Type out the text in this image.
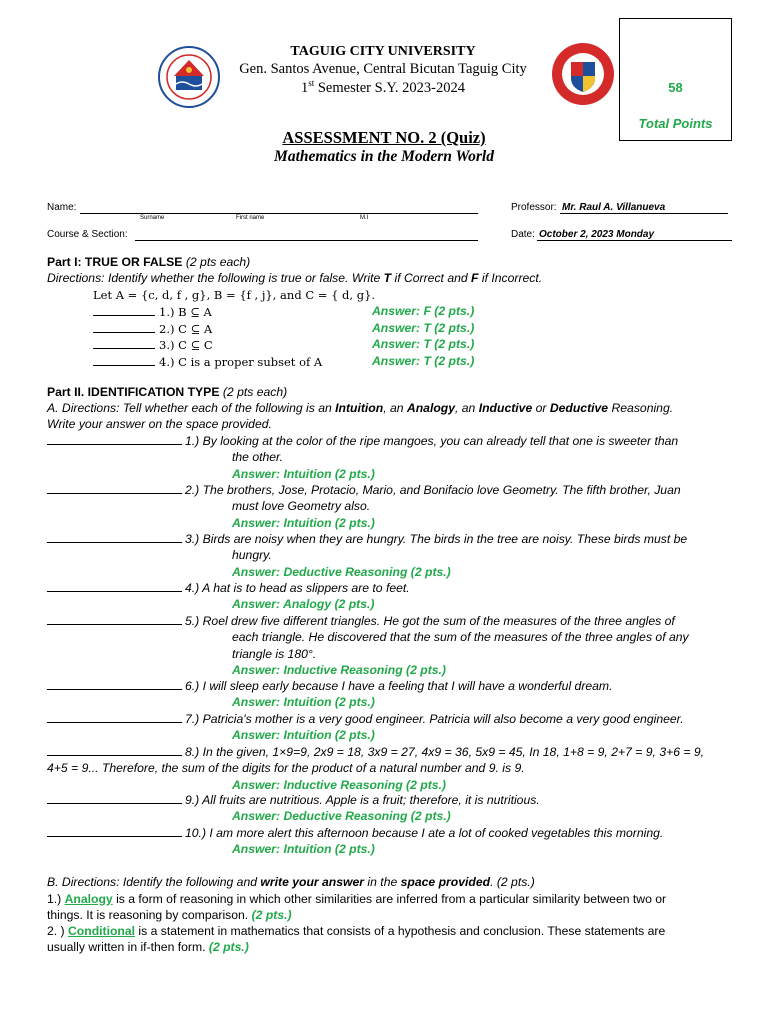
TAGUIG CITY UNIVERSITY
Gen. Santos Avenue, Central Bicutan Taguig City
1st Semester S.Y. 2023-2024	58
Total Points
ASSESSMENT NO. 2 (Quiz)
Mathematics in the Modern World
Name:
Surname	First name	M.I
Professor: Mr. Raul A. Villanueva
Course & Section:	Date: October 2, 2023 Monday
Part I: TRUE OR FALSE (2 pts each)
Directions: Identify whether the following is true or false. Write T if Correct and F if Incorrect.
Let A = {c, d, f , g}, B = {f , j}, and C = { d, g}.
1.) B ⊆ A	Answer: F (2 pts.)
2.) C ⊆ A	Answer: T (2 pts.)
3.) C ⊆ C	Answer: T (2 pts.)
4.) C is a proper subset of A	Answer: T (2 pts.)
Part II. IDENTIFICATION TYPE (2 pts each)
A. Directions: Tell whether each of the following is an Intuition, an Analogy, an Inductive or Deductive Reasoning.
Write your answer on the space provided.
1.) By looking at the color of the ripe mangoes, you can already tell that one is sweeter than
the other.
Answer: Intuition (2 pts.)
2.) The brothers, Jose, Protacio, Mario, and Bonifacio love Geometry. The fifth brother, Juan
must love Geometry also.
Answer: Intuition (2 pts.)
3.) Birds are noisy when they are hungry. The birds in the tree are noisy. These birds must be
hungry.
Answer: Deductive Reasoning (2 pts.)
4.) A hat is to head as slippers are to feet.
Answer: Analogy (2 pts.)
5.) Roel drew five different triangles. He got the sum of the measures of the three angles of
each triangle. He discovered that the sum of the measures of the three angles of any
triangle is 180°.
Answer: Inductive Reasoning (2 pts.)
6.) I will sleep early because I have a feeling that I will have a wonderful dream.
Answer: Intuition (2 pts.)
7.) Patricia's mother is a very good engineer. Patricia will also become a very good engineer.
Answer: Intuition (2 pts.)
8.) In the given, 1×9=9, 2x9 = 18, 3x9 = 27, 4x9 = 36, 5x9 = 45, In 18, 1+8 = 9, 2+7 = 9, 3+6 = 9,
4+5 = 9... Therefore, the sum of the digits for the product of a natural number and 9. is 9.
Answer: Inductive Reasoning (2 pts.)
9.) All fruits are nutritious. Apple is a fruit; therefore, it is nutritious.
Answer: Deductive Reasoning (2 pts.)
10.) I am more alert this afternoon because I ate a lot of cooked vegetables this morning.
Answer: Intuition (2 pts.)
B. Directions: Identify the following and write your answer in the space provided. (2 pts.)
1.) Analogy is a form of reasoning in which other similarities are inferred from a particular similarity between two or
things. It is reasoning by comparison. (2 pts.)
2. ) Conditional is a statement in mathematics that consists of a hypothesis and conclusion. These statements are
usually written in if-then form. (2 pts.)
